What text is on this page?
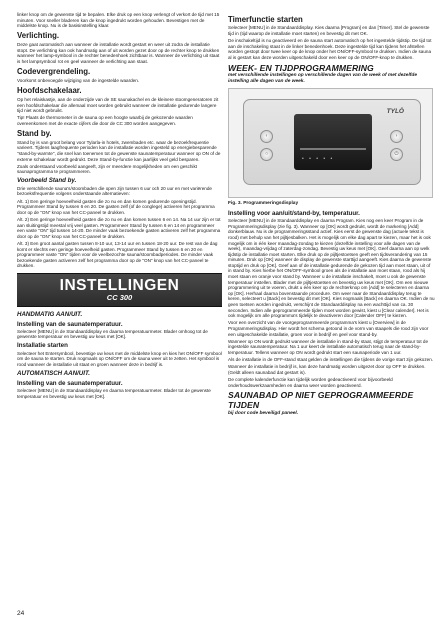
linker knop om de gewenste tijd te bepalen. Elke druk op een knop verlengt of verkort de tijd met 15 minuten. Voor sneller bladeren kan de knop ingedrukt worden gehouden. Bevestigen met de middelste knop. Nu is de basisinstelling klaar.

Verlichting.

Deze gaat automatisch aan wanneer de installatie wordt gestart en weer uit zodra de installatie stopt. De verlichting kan ook handmatig aan of uit worden gezet door op de rechter knop te drukken wanneer het lamp-symbool in de rechter benedenhoek zichtbaar is. Wanneer de verlichting uit staat is het lampsymbool rot en geel wanneer de verlichting aan staat.

Codevergrendeling.

Voorkomt onbevoegde wijziging van de ingestelde waarden.

Hoofdschakelaar.

Op het relaiskastje, aan de onderzijde van de SE saunakachel en de kleinere stoomgeneratoren zit een hoofdschakelaar die allemaal moet worden gebruikt wanneer de installatie gedurende langere tijd niet wordt gebruikt.

Tip! Plaats de thermometer in de sauna op een hoogte waarbij de gekozende waarden overeenkomen met de exacte cijfers die door de CC 300 worden aangegeven.

Stand by.

Stand by is van groot belang voor Tylarla-in hotels, zwembaden etc. waar de bezoekfrequentie varieert. Tijdens laagfrequente perioden kan de installatie worden ingesteld op energiebesparende "stand-by-warmte", die snel kan toenemen tot de gewenste saunatemperatuur wanneer op ON of de externe schakelaar wordt gedrukt. Deze Stand-by-functie kan jaarlijks veel geld besparen.

Zoals onderstaand voorbeeld aangeeft, zijn er meerdere mogelijkheden om een geschikt saunaprogramma te programmeren.

Voorbeeld Stand by.

Drie verschillende sauna's/stoombaden die open zijn tussen 6 uur och 20 uur en met variërende bezoeksfrequentie volgens onderstaande alternatieven:

Alt. 1) Een geringe hoeveelheid gasten die zo nu en dan komen gedurende openingstijd. Programmeer Stand by tussen 6 en 20. De gasten zelf (of de conglege) activeren het programma door op de "ON" knop van het CC-paneel te drukken.

Alt. 2) Een geringe hoeveelheid gasten die zo nu en dan komen tussen 6 en 14. Na 14 uur zijn er tot aan sluitingstijd meestal vrij veel gasten. Programmeer Stand by tussen 6 en 14 en programmeer een vaste "ON" tijd tussen 14-20. De minder vaak bezoekende gasten activeren zelf het programma door op de "ON" knop van het CC-paneel te drukken.

Alt. 3) Een groot aantal gasten tussen 8-10 uur, 13-14 uur en tussen 18-20 uur. De rest van de dag komt er slechts een geringe hoeveelheid gasten. Programmeer Stand by tussen 6 en 20 en programmeer vaste "ON" tijden voor de veelbezochte sauna/stoombadperiodes. De minder vaak bezoekende gasten activeren zelf het programma door op de "ON" knop van het CC-paneel te drukken.

INSTELLINGEN
CC 300
HANDMATIG AAN/UIT.
Instelling van de saunatemperatuur.

Selecteer [MENU] in de Standaarddisplay en daarna temperatuurmeter. Blader omhoog tot de gewenste temperatuur en bevestig uw keus met [OK].

Installatie starten

Selecteer het Entersymbool, bevestige uw keus met de middelste knop en kies het ON/OFF symbool om de sauna te starten. Druk nogmaals op ON/OFF om de sauna weer uit te zetten. Het symbool is rood wanneer de installatie uit staat en groen wanneer deze in bedrijf is.

AUTOMATISCH AAN/UIT.
Instelling van de saunatemperatuur.

Selecteer [MENU] in de Standaarddisplay en daarna temperatuurmeter. Blader tot de gewenste temperatuur en bevestig uw keus met [OK].

Timerfunctie starten

Selecteer [MENU] in de Standaarddisplay. Kies daarna [Program] en dan [Timer]. Stel de gewenste tijd in (tijd waarop de installatie moet starten) en bevestig dit met OK.

De inschakeltijd is nu geactiveerd en de sauna start automatisch op het ingestelde tijdstip. De tijd tot aan de inschakeling staat in de linker benedenhoek. Deze ingestelde tijd kan tijdens het afstellen worden gestopt door twee keer op de knop onder het ON/OFF-symbool te drukken. Indien de sauna al is gestart kan deze worden uitgeschakeld door een keer op de ON/OFF-knop te drukken.

WEEK- EN TIJDPROGRAMMERING
met verschillende instellingen op verschillende dagen van de week of met dezelfde instelling alle dagen van de week.
• • • • •
TYLÖ
‹
○
›
⏻
Fig. 3. Programmeringsdisplay
Instelling voor aan/uit/stand-by, temperatuur.

Selecteer [MENU] in de Standaarddisplay en daarna Program. Kies nog een keer Program in de Programmeringsdisplay (zie fig. 3). Wanneer op [OK] wordt gedrukt, wordt de markering [Add] donkerblauw. Nu is de programmeringsstand actief. Kies eerst de gewenste dag (actuele tekst is rood) met behulp van het pijltjesbalken. Het is mogelijk om elke dag apart te kiezen, maar het is ook mogelijk om in één keer maandag-zondag te kiezen (dezelfde instelling voor alle dagen van de week), maandag-vrijdag of zaterdag-zondag. Bevestig uw keus met [OK]. Geef daarna aan op welk tijdstip de installatie moet starten. Elke druk op de pijltjestoetsen geeft een tijdsverandering van 15 minuten. Druk op [OK] wanneer de display de gewenste starttijd aangeeft. Kies daarna de gewenste stoptijd en druk op [OK]. Geef aan of de installatie gedurende de gekozen tijd aan moet staan, uit of in stand by. Kies hierbe het ON/OFF-symbool groen als de installatie aan moet staan, rood als hij moet staan en oranje voor stand by. Wanneer u de installatie inschakelt, moet u ook de gewenste temperatuur instellen. Blader met de pijltjestoetsen en bevestig uw keus met [OK]. Om een nieuwe programmering uit te voeren, drukt u één keer op de rechterknop om [Add] te selecteren en daarna op [OK]. Herhaal daarna bovenstaande procedure. Om weer naar de Standaarddisplay terug te keren, selecteert u [Back] en bevestig dit met [OK]. Kies nogmaals [Back] en daarna OK. Indien de nu geen toetsen worden ingedrukt, verschijnt de Standaarddisplay na een wachttijd van ca. 30 seconden. Indien alle geprogrammeerde tijden moet worden gewist, kiest u [Clear calender]. Het is ook mogelijk om alle programma's tijdelijk te deactiveren door [Calender OFF] te kiezen.

Voor een overzicht van de voorgeprogrammeerde programma's kiest u [Overview] in de Programmeringsdisplay. Hier wordt het schema getoond in de vorm van staapels die rood zijn voor een uitgeschakelde installatie, groen voor in bedrijf en geel voor stand-by.

Wanneer op ON wordt gedrukt wanneer de installatie in stand-by staat, stijgt de temperatuur tot de ingestelde saunatemperatuur. Na 1 uur keert de installatie automatisch terug naar de stand-by-temperatuur. Tellens wanneer op ON wordt gedrukt start een saunaperiode van 1 uur.

Als de installatie in de OFF-stand staat gelden de instellingen die tijdens de vorige start zijn gekozen.

Wanneer de installatie in bedrijf is, kan deze handmatig worden uitgezet door op OFF te drukken. (Geldt alleen saunabad dat gestart is).

De complete kalenderfunctie kan tijdelijk worden gedeactiveerd voor bijvoorbeeld onderhoudswerkzaamheden en daarna weer worden geactiveerd.

SAUNABAD OP NIET GEPROGRAMMEERDE TIJDEN
bij door code beveiligd paneel.
24
